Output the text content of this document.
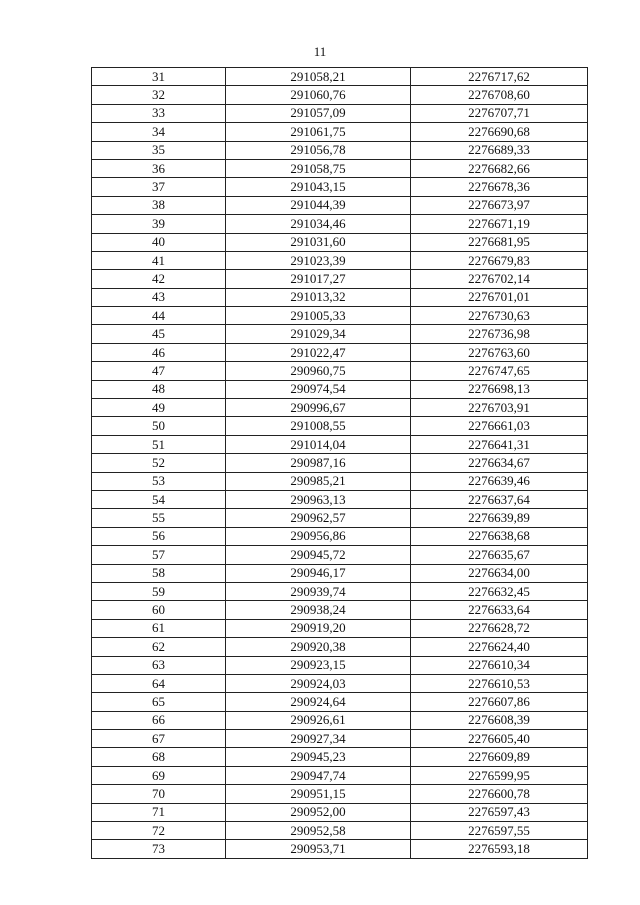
11
31	291058,21	2276717,62
32	291060,76	2276708,60
33	291057,09	2276707,71
34	291061,75	2276690,68
35	291056,78	2276689,33
36	291058,75	2276682,66
37	291043,15	2276678,36
38	291044,39	2276673,97
39	291034,46	2276671,19
40	291031,60	2276681,95
41	291023,39	2276679,83
42	291017,27	2276702,14
43	291013,32	2276701,01
44	291005,33	2276730,63
45	291029,34	2276736,98
46	291022,47	2276763,60
47	290960,75	2276747,65
48	290974,54	2276698,13
49	290996,67	2276703,91
50	291008,55	2276661,03
51	291014,04	2276641,31
52	290987,16	2276634,67
53	290985,21	2276639,46
54	290963,13	2276637,64
55	290962,57	2276639,89
56	290956,86	2276638,68
57	290945,72	2276635,67
58	290946,17	2276634,00
59	290939,74	2276632,45
60	290938,24	2276633,64
61	290919,20	2276628,72
62	290920,38	2276624,40
63	290923,15	2276610,34
64	290924,03	2276610,53
65	290924,64	2276607,86
66	290926,61	2276608,39
67	290927,34	2276605,40
68	290945,23	2276609,89
69	290947,74	2276599,95
70	290951,15	2276600,78
71	290952,00	2276597,43
72	290952,58	2276597,55
73	290953,71	2276593,18
